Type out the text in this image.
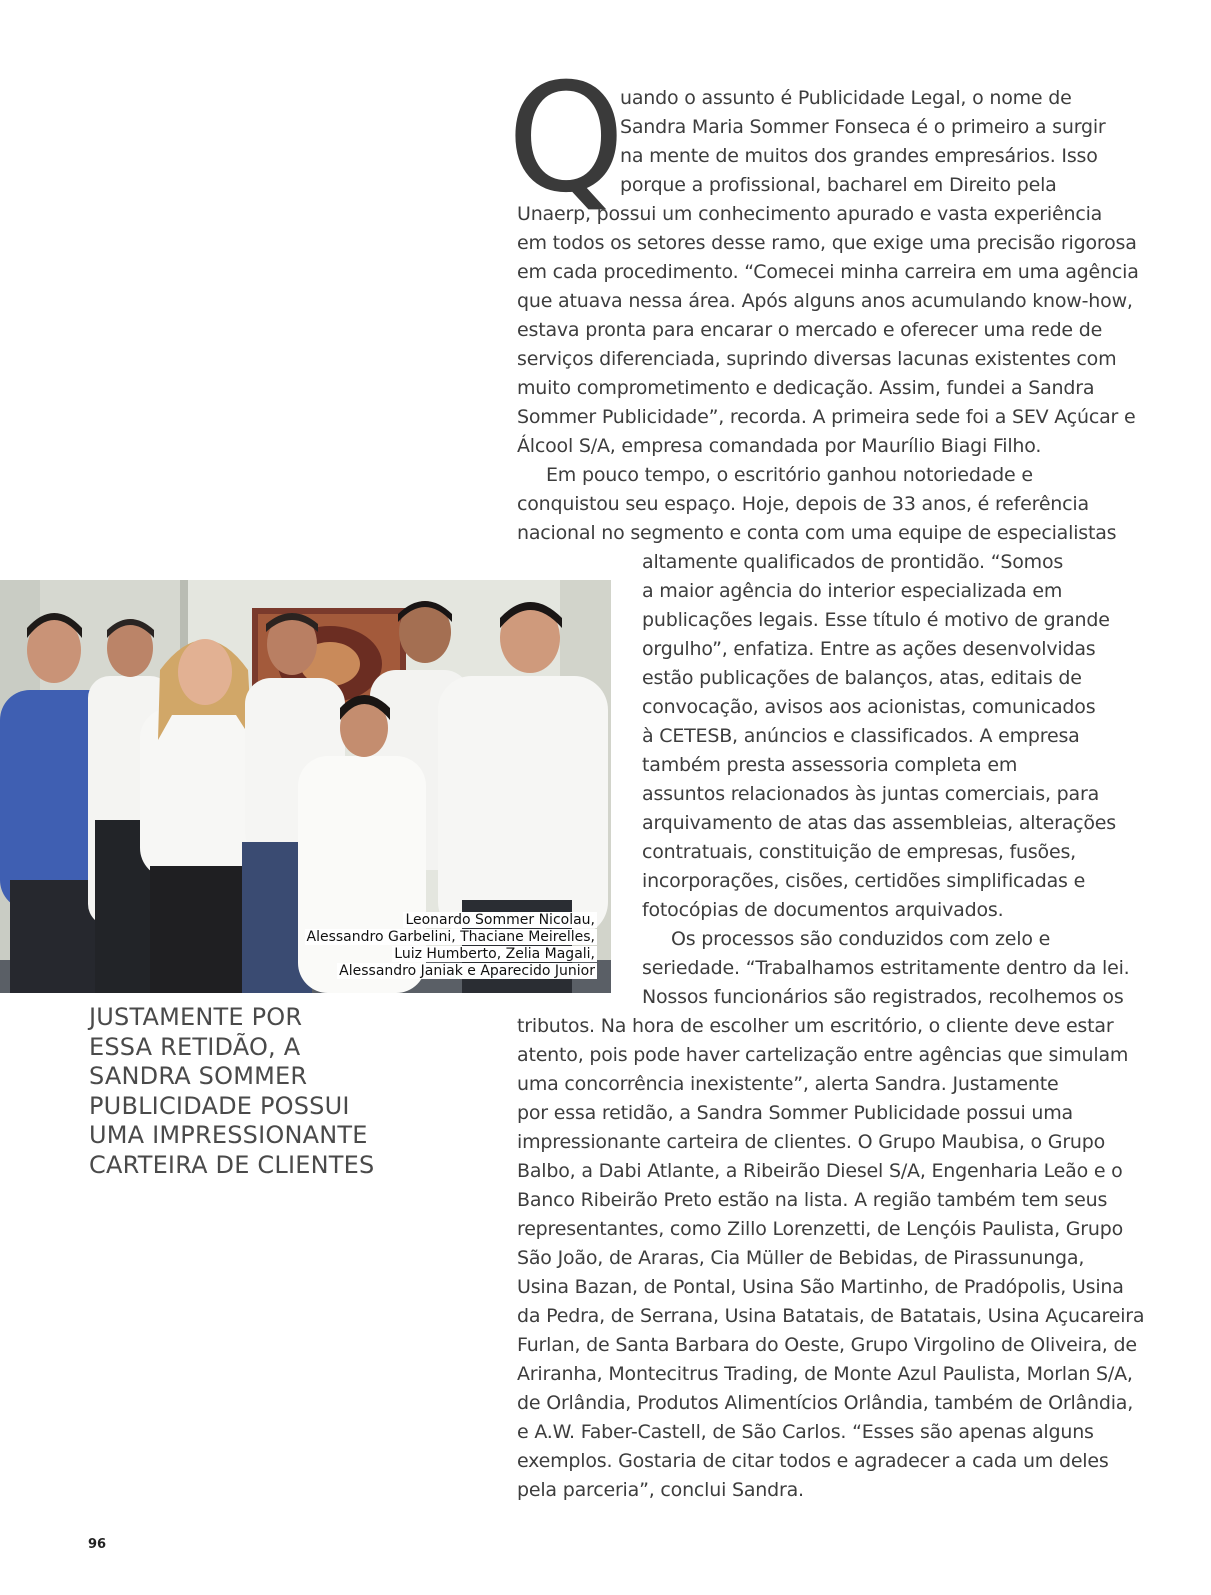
Q

uando o assunto é Publicidade Legal, o nome de

Sandra Maria Sommer Fonseca é o primeiro a surgir

na mente de muitos dos grandes empresários. Isso

porque a profissional, bacharel em Direito pela

Unaerp, possui um conhecimento apurado e vasta experiência

em todos os setores desse ramo, que exige uma precisão rigorosa

em cada procedimento. “Comecei minha carreira em uma agência

que atuava nessa área. Após alguns anos acumulando know-how,

estava pronta para encarar o mercado e oferecer uma rede de

serviços diferenciada, suprindo diversas lacunas existentes com

muito comprometimento e dedicação. Assim, fundei a Sandra

Sommer Publicidade”, recorda. A primeira sede foi a SEV Açúcar e

Álcool S/A, empresa comandada por Maurílio Biagi Filho.

Em pouco tempo, o escritório ganhou notoriedade e

conquistou seu espaço. Hoje, depois de 33 anos, é referência

nacional no segmento e conta com uma equipe de especialistas

altamente qualificados de prontidão. “Somos

a maior agência do interior especializada em

publicações legais. Esse título é motivo de grande

orgulho”, enfatiza. Entre as ações desenvolvidas

estão publicações de balanços, atas, editais de

convocação, avisos aos acionistas, comunicados

à CETESB, anúncios e classificados. A empresa

também presta assessoria completa em

assuntos relacionados às juntas comerciais, para

arquivamento de atas das assembleias, alterações

contratuais, constituição de empresas, fusões,

incorporações, cisões, certidões simplificadas e

fotocópias de documentos arquivados.

Os processos são conduzidos com zelo e

seriedade. “Trabalhamos estritamente dentro da lei.

Nossos funcionários são registrados, recolhemos os

tributos. Na hora de escolher um escritório, o cliente deve estar

atento, pois pode haver cartelização entre agências que simulam

uma concorrência inexistente”, alerta Sandra. Justamente

por essa retidão, a Sandra Sommer Publicidade possui uma

impressionante carteira de clientes. O Grupo Maubisa, o Grupo

Balbo, a Dabi Atlante, a Ribeirão Diesel S/A, Engenharia Leão e o

Banco Ribeirão Preto estão na lista. A região também tem seus

representantes, como Zillo Lorenzetti, de Lençóis Paulista, Grupo

São João, de Araras, Cia Müller de Bebidas, de Pirassununga,

Usina Bazan, de Pontal, Usina São Martinho, de Pradópolis, Usina

da Pedra, de Serrana, Usina Batatais, de Batatais, Usina Açucareira

Furlan, de Santa Barbara do Oeste, Grupo Virgolino de Oliveira, de

Ariranha, Montecitrus Trading, de Monte Azul Paulista, Morlan S/A,

de Orlândia, Produtos Alimentícios Orlândia, também de Orlândia,

e A.W. Faber-Castell, de São Carlos. “Esses são apenas alguns

exemplos. Gostaria de citar todos e agradecer a cada um deles

pela parceria”, conclui Sandra.

Leonardo Sommer Nicolau,
Alessandro Garbelini, Thaciane Meirelles,
Luiz Humberto, Zelia Magali,
Alessandro Janiak e Aparecido Junior
JUSTAMENTE POR
ESSA RETIDÃO, A
SANDRA SOMMER
PUBLICIDADE POSSUI
UMA IMPRESSIONANTE
CARTEIRA DE CLIENTES
96
